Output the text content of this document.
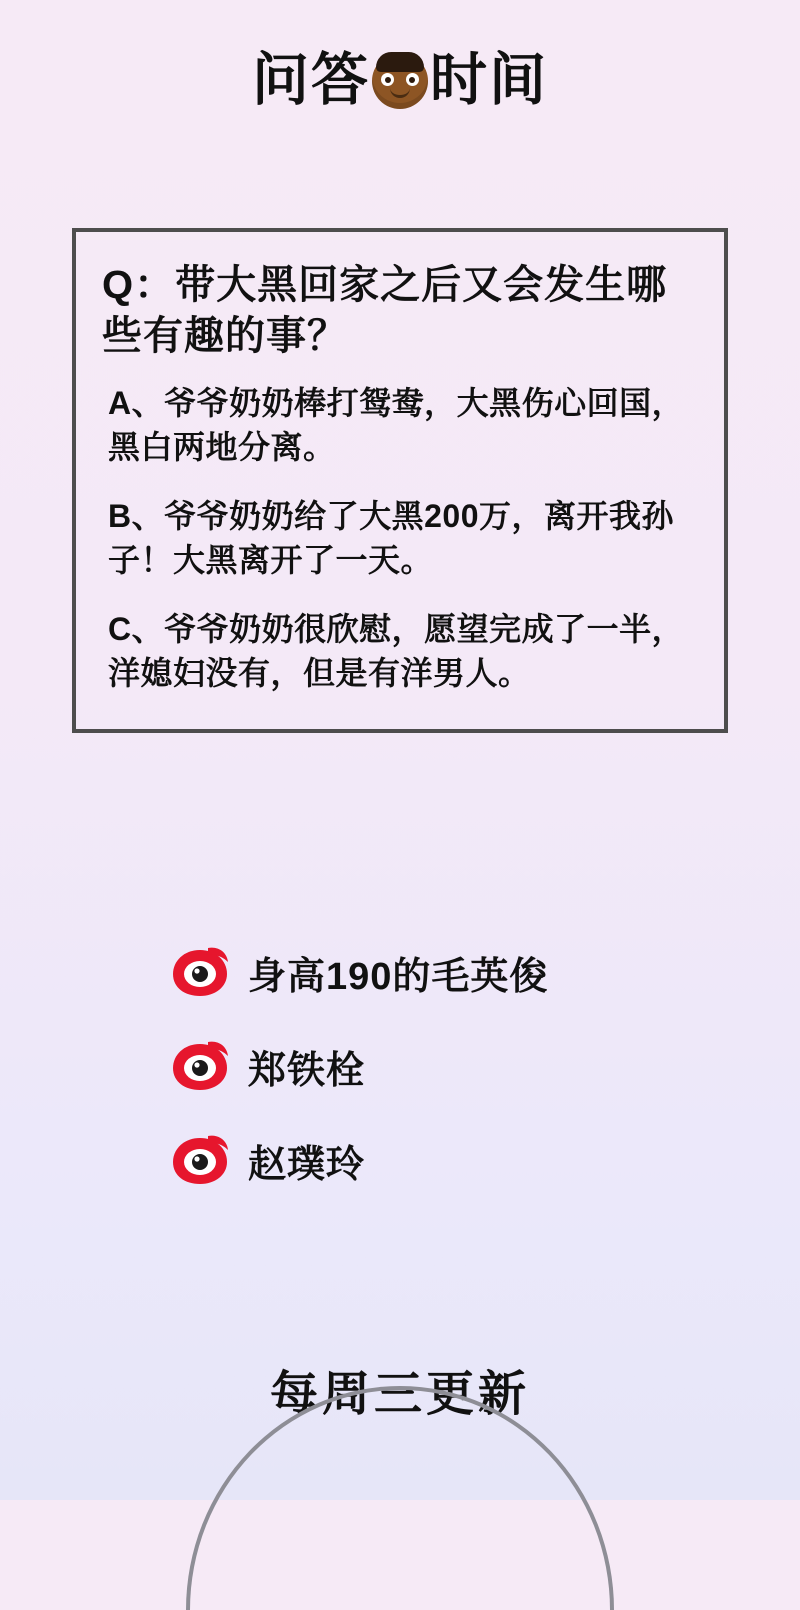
问答 时间

Q：带大黑回家之后又会发生哪些有趣的事？

A、爷爷奶奶棒打鸳鸯，大黑伤心回国，黑白两地分离。

B、爷爷奶奶给了大黑200万，离开我孙子！大黑离开了一天。

C、爷爷奶奶很欣慰，愿望完成了一半，洋媳妇没有，但是有洋男人。

身高190的毛英俊
郑铁栓
赵璞玲
每周三更新
